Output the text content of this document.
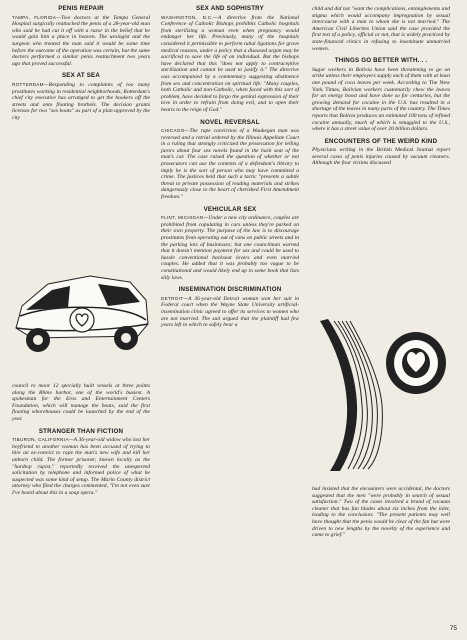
PENIS REPAIR

TAMPA, FLORIDA—Two doctors at the Tampa General Hospital surgically reattached the penis of a 28-year-old man who said he had cut it off with a razor in the belief that he would gain him a place in heaven. The urologist and the surgeon who treated the man said it would be some time before the outcome of the operation was certain, but the same doctors performed a similar penis reattachment two years ago that proved successful.

SEX AT SEA

ROTTERDAM—Responding to complaints of too many prostitutes working in residential neighborhoods, Rotterdam's chief city executive has arranged to get the hookers off the streets and onto floating brothels. The decision grants licenses for two "sex boats" as part of a plan approved by the city

council to moor 12 specially built vessels at three points along the Rhine harbor, one of the world's busiest. A spokesman for the Eros and Entertainment Centers Foundation, which will manage the boats, said the first floating whorehouses could be launched by the end of the year.

STRANGER THAN FICTION

TIBURON, CALIFORNIA—A 36-year-old widow who lost her boyfriend to another woman has been accused of trying to hire an ex-convict to rape the man's new wife and kill her unborn child. The former prisoner, known locally as the "hardtop rapist," reportedly received the unexpected solicitation by telephone and informed police of what he suspected was some kind of setup. The Marin County district attorney who filed the charges commented, "I'm not even sure I've heard about this in a soap opera."

SEX AND SOPHISTRY

WASHINGTON, D.C.—A directive from the National Conference of Catholic Bishops prohibits Catholic hospitals from sterilizing a woman even when pregnancy would endanger her life. Previously, many of the hospitals considered it permissible to perform tubal ligations for grave medical reasons, under a policy that a diseased organ may be sacrificed to save the life of an individual. But the bishops have declared that this "does not apply to contraceptive sterilization and cannot be used to justify it." The directive was accompanied by a commentary suggesting abstinence from sex and concentration on spiritual life: "Many couples, both Catholic and non-Catholic, when faced with this sort of problem, have decided to forgo the genital expression of their love in order to refrain from doing evil, and to open their hearts to the reign of God."

NOVEL REVERSAL

CHICAGO—The rape conviction of a Waukegan man was reversed and a retrial ordered by the Illinois Appellate Court in a ruling that strongly criticized the prosecution for telling jurors about four sex novels found in the back seat of the man's car. The case raised the question of whether or not prosecutors can use the contents of a defendant's library to imply he is the sort of person who may have committed a crime. The justices held that such a tactic "presents a subtle threat to private possession of reading materials and strikes dangerously close to the heart of cherished First Amendment freedom."

VEHICULAR SEX

FLINT, MICHIGAN—Under a new city ordinance, couples are prohibited from copulating in cars unless they're parked on their own property. The purpose of the law is to discourage prostitutes from operating out of vans on public streets and in the parking lots of businesses; but one councilman warned that it doesn't mention payment for sex and could be used to hassle conventional backseat lovers and even married couples. He added that it was probably too vague to be constitutional and would likely end up in some book that lists silly laws.

INSEMINATION DISCRIMINATION

DETROIT—A 36-year-old Detroit woman won her suit in Federal court when the Wayne State University artificial-insemination clinic agreed to offer its services to women who are not married. The suit argued that the plaintiff had few years left in which to safely bear a

child and did not "want the complications, entanglements and stigma which would accompany impregnation by sexual intercourse with a man to whom she is not married." The American Civil Liberties Union said the case provided the first test of a policy, official or not, that is widely practiced by state-financed clinics in refusing to inseminate unmarried women.

THINGS GO BETTER WITH. . .

Sugar workers in Bolivia have been threatening to go on strike unless their employers supply each of them with at least one pound of coca leaves per week. According to The New York Times, Bolivian workers customarily chew the leaves for an energy boost and have done so for centuries, but the growing demand for cocaine in the U.S. has resulted in a shortage of the leaves in many parts of the country. The Times reports that Bolivia produces an estimated 100 tons of refined cocaine annually, much of which is smuggled to the U.S., where it has a street value of over 20 billion dollars.

ENCOUNTERS OF THE WEIRD KIND

Physicians writing in the British Medical Journal report several cases of penis injuries caused by vacuum cleaners. Although the four victims discussed

had insisted that the encounters were accidental, the doctors suggested that the men "were probably in search of sexual satisfaction." Two of the cases involved a brand of vacuum cleaner that has fan blades about six inches from the inlet, leading to the conclusion: "The present patients may well have thought that the penis would be clear of the fan but were driven to new lengths by the novelty of the experience and came to grief."

75
